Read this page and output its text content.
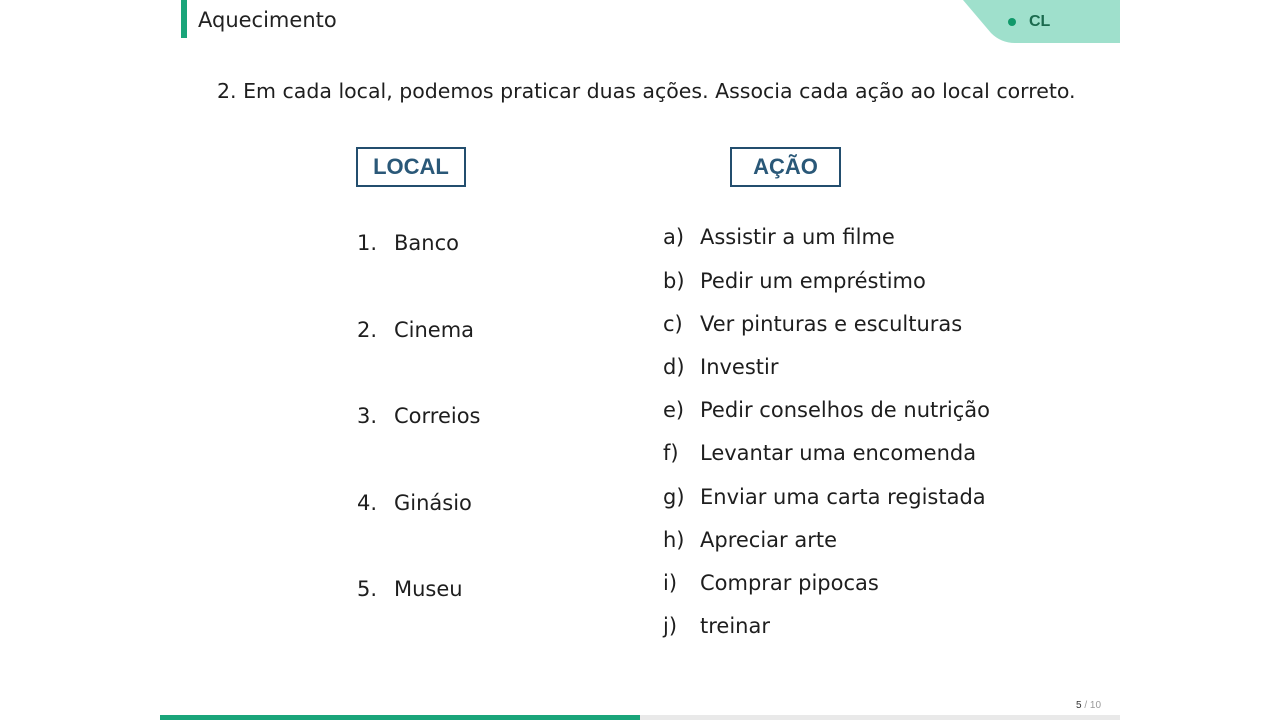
Aquecimento	CL
2. Em cada local, podemos praticar duas ações. Associa cada ação ao local correto.
LOCAL	AÇÃO
1. Banco
2. Cinema
3. Correios
4. Ginásio
5. Museu
a) Assistir a um filme
b) Pedir um empréstimo
c) Ver pinturas e esculturas
d) Investir
e) Pedir conselhos de nutrição
f) Levantar uma encomenda
g) Enviar uma carta registada
h) Apreciar arte
i) Comprar pipocas
j) treinar
5 / 10
